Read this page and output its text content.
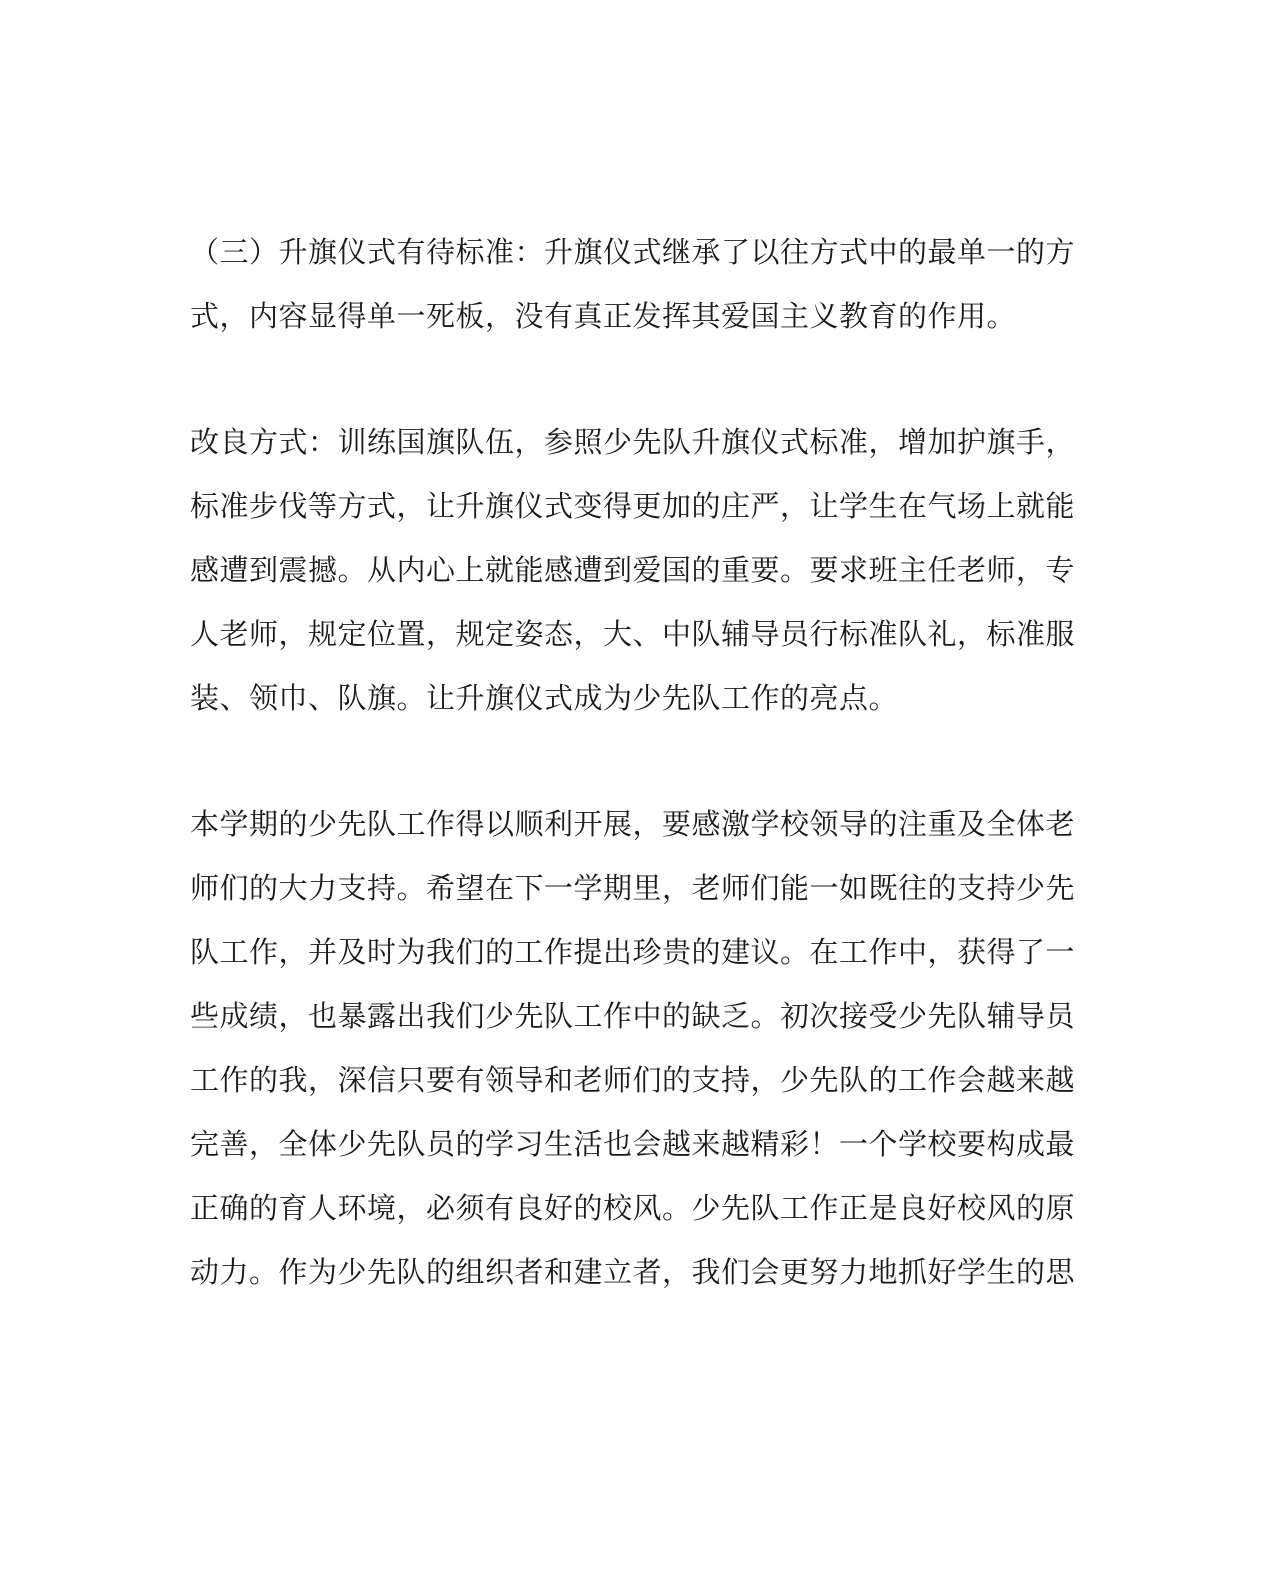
（三）升旗仪式有待标准：升旗仪式继承了以往方式中的最单一的方
式，内容显得单一死板，没有真正发挥其爱国主义教育的作用。
改良方式：训练国旗队伍，参照少先队升旗仪式标准，增加护旗手，
标准步伐等方式，让升旗仪式变得更加的庄严，让学生在气场上就能
感遭到震撼。从内心上就能感遭到爱国的重要。要求班主任老师，专
人老师，规定位置，规定姿态，大、中队辅导员行标准队礼，标准服
装、领巾、队旗。让升旗仪式成为少先队工作的亮点。
本学期的少先队工作得以顺利开展，要感激学校领导的注重及全体老
师们的大力支持。希望在下一学期里，老师们能一如既往的支持少先
队工作，并及时为我们的工作提出珍贵的建议。在工作中，获得了一
些成绩，也暴露出我们少先队工作中的缺乏。初次接受少先队辅导员
工作的我，深信只要有领导和老师们的支持，少先队的工作会越来越
完善，全体少先队员的学习生活也会越来越精彩！一个学校要构成最
正确的育人环境，必须有良好的校风。少先队工作正是良好校风的原
动力。作为少先队的组织者和建立者，我们会更努力地抓好学生的思
